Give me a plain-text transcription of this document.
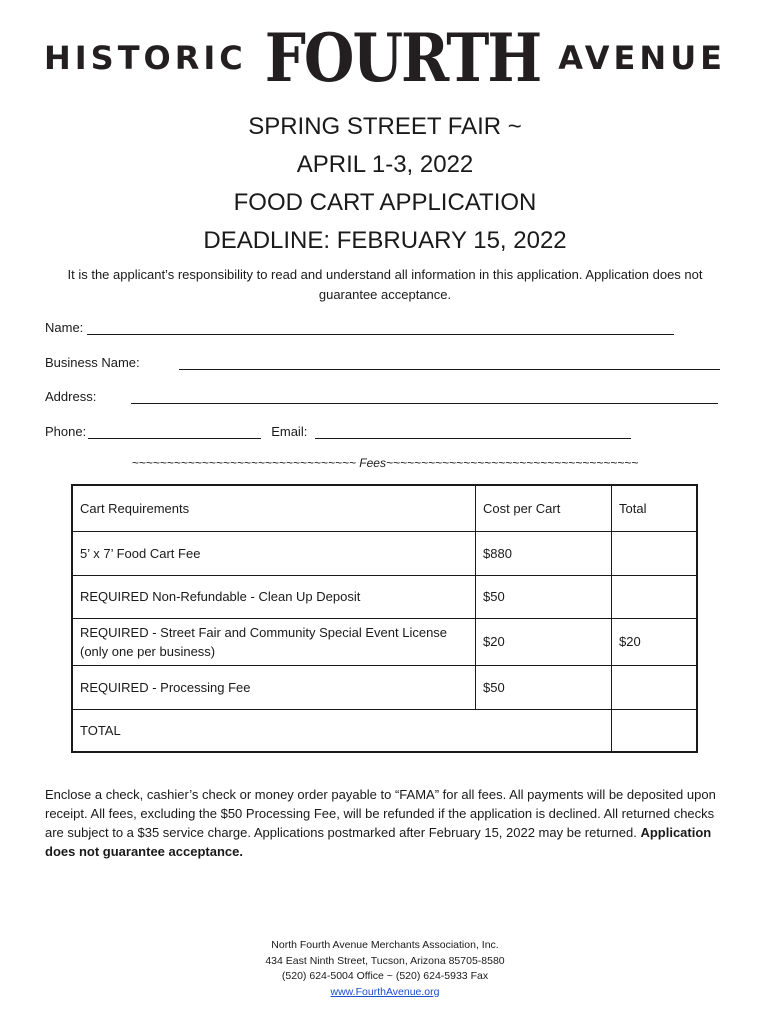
HISTORIC FOURTH AVENUE
SPRING STREET FAIR ~
APRIL 1-3, 2022
FOOD CART APPLICATION
DEADLINE: FEBRUARY 15, 2022
It is the applicant’s responsibility to read and understand all information in this application. Application does not guarantee acceptance.
Name:
Business Name:
Address:
Phone:	Email:
~~~~~~~~~~~~~~~~~~~~~~~~~~~~~~~~ Fees~~~~~~~~~~~~~~~~~~~~~~~~~~~~~~~~~~~~
Cart Requirements	Cost per Cart	Total
5’ x 7’ Food Cart Fee	$880	
REQUIRED Non-Refundable - Clean Up Deposit	$50	
REQUIRED - Street Fair and Community Special Event License (only one per business)	$20	$20
REQUIRED - Processing Fee	$50	
TOTAL		
Enclose a check, cashier’s check or money order payable to “FAMA” for all fees. All payments will be deposited upon receipt. All fees, excluding the $50 Processing Fee, will be refunded if the application is declined. All returned checks are subject to a $35 service charge. Applications postmarked after February 15, 2022 may be returned. Application does not guarantee acceptance.
North Fourth Avenue Merchants Association, Inc.
434 East Ninth Street, Tucson, Arizona 85705-8580
(520) 624-5004 Office ~ (520) 624-5933 Fax
www.FourthAvenue.org
